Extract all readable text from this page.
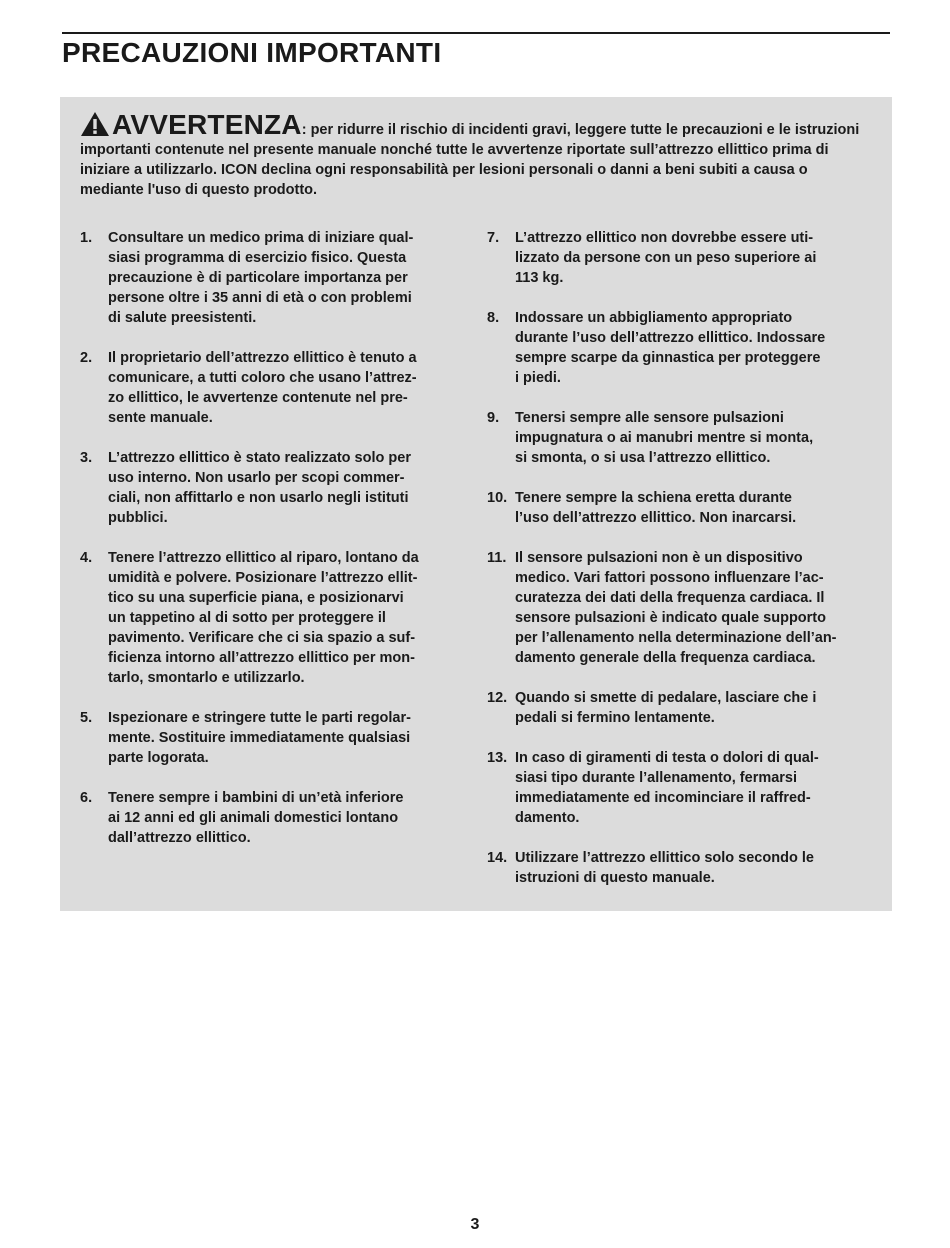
PRECAUZIONI IMPORTANTI

AVVERTENZA: per ridurre il rischio di incidenti gravi, leggere tutte le precauzioni e le istruzioni importanti contenute nel presente manuale nonché tutte le avvertenze riportate sull’attrezzo ellittico prima di iniziare a utilizzarlo. ICON declina ogni responsabilità per lesioni personali o danni a beni subiti a causa o mediante l'uso di questo prodotto.

1. Consultare un medico prima di iniziare qual-
siasi programma di esercizio fisico. Questa
precauzione è di particolare importanza per
persone oltre i 35 anni di età o con problemi
di salute preesistenti.
2. Il proprietario dell’attrezzo ellittico è tenuto a
comunicare, a tutti coloro che usano l’attrez-
zo ellittico, le avvertenze contenute nel pre-
sente manuale.
3. L’attrezzo ellittico è stato realizzato solo per
uso interno. Non usarlo per scopi commer-
ciali, non affittarlo e non usarlo negli istituti
pubblici.
4. Tenere l’attrezzo ellittico al riparo, lontano da
umidità e polvere. Posizionare l’attrezzo ellit-
tico su una superficie piana, e posizionarvi
un tappetino al di sotto per proteggere il
pavimento. Verificare che ci sia spazio a suf-
ficienza intorno all’attrezzo ellittico per mon-
tarlo, smontarlo e utilizzarlo.
5. Ispezionare e stringere tutte le parti regolar-
mente. Sostituire immediatamente qualsiasi
parte logorata.
6. Tenere sempre i bambini di un’età inferiore
ai 12 anni ed gli animali domestici lontano
dall’attrezzo ellittico.
7. L’attrezzo ellittico non dovrebbe essere uti-
lizzato da persone con un peso superiore ai
113 kg.
8. Indossare un abbigliamento appropriato
durante l’uso dell’attrezzo ellittico. Indossare
sempre scarpe da ginnastica per proteggere
i piedi.
9. Tenersi sempre alle sensore pulsazioni
impugnatura o ai manubri mentre si monta,
si smonta, o si usa l’attrezzo ellittico.
10. Tenere sempre la schiena eretta durante
l’uso dell’attrezzo ellittico. Non inarcarsi.
11. Il sensore pulsazioni non è un dispositivo
medico. Vari fattori possono influenzare l’ac-
curatezza dei dati della frequenza cardiaca. Il
sensore pulsazioni è indicato quale supporto
per l’allenamento nella determinazione dell’an-
damento generale della frequenza cardiaca.
12. Quando si smette di pedalare, lasciare che i
pedali si fermino lentamente.
13. In caso di giramenti di testa o dolori di qual-
siasi tipo durante l’allenamento, fermarsi
immediatamente ed incominciare il raffred-
damento.
14. Utilizzare l’attrezzo ellittico solo secondo le
istruzioni di questo manuale.
3
